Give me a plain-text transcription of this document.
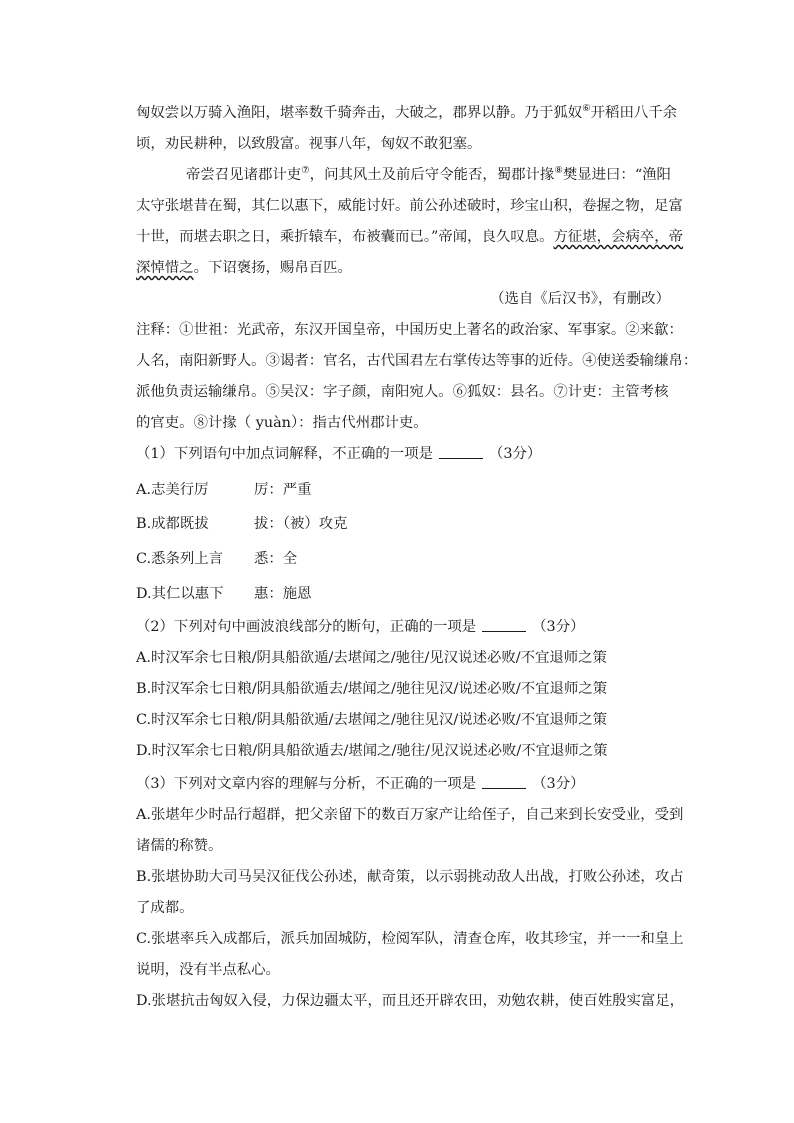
匈奴尝以万骑入渔阳，堪率数千骑奔击，大破之，郡界以静。乃于狐奴⑥开稻田八千余
顷，劝民耕种，以致殷富。视事八年，匈奴不敢犯塞。
帝尝召见诸郡计吏⑦，问其风土及前后守令能否，蜀郡计掾⑧樊显进曰：“渔阳
太守张堪昔在蜀，其仁以惠下，威能讨奸。前公孙述破时，珍宝山积，卷握之物，足富
十世，而堪去职之日，乘折辕车，布被囊而已。”帝闻，良久叹息。方征堪，会病卒，帝
深悼惜之。下诏褒扬，赐帛百匹。
（选自《后汉书》，有删改）
注释：①世祖：光武帝，东汉开国皇帝，中国历史上著名的政治家、军事家。②来歙：
人名，南阳新野人。③谒者：官名，古代国君左右掌传达等事的近侍。④使送委输缣帛：
派他负责运输缣帛。⑤吴汉：字子颜，南阳宛人。⑥狐奴：县名。⑦计吏：主管考核
的官吏。⑧计掾（ yuàn）：指古代州郡计吏。
（1）下列语句中加点词解释，不正确的一项是	（3分）
A.志美行厉	厉：严重
B.成都既拔	拔：（被）攻克
C.悉条列上言 悉：全
D.其仁以惠下 惠：施恩
（2）下列对句中画波浪线部分的断句，正确的一项是	（3分）
A.时汉军余七日粮/阴具船欲遁/去堪闻之/驰往/见汉说述必败/不宜退师之策
B.时汉军余七日粮/阴具船欲遁去/堪闻之/驰往见汉/说述必败/不宜退师之策
C.时汉军余七日粮/阴具船欲遁/去堪闻之/驰往见汉/说述必败/不宜退师之策
D.时汉军余七日粮/阴具船欲遁去/堪闻之/驰往/见汉说述必败/不宜退师之策
（3）下列对文章内容的理解与分析，不正确的一项是	（3分）
A.张堪年少时品行超群，把父亲留下的数百万家产让给侄子，自己来到长安受业，受到
诸儒的称赞。
B.张堪协助大司马吴汉征伐公孙述，献奇策，以示弱挑动敌人出战，打败公孙述，攻占
了成都。
C.张堪率兵入成都后，派兵加固城防，检阅军队，清查仓库，收其珍宝，并一一和皇上
说明，没有半点私心。
D.张堪抗击匈奴入侵，力保边疆太平，而且还开辟农田，劝勉农耕，使百姓殷实富足，
